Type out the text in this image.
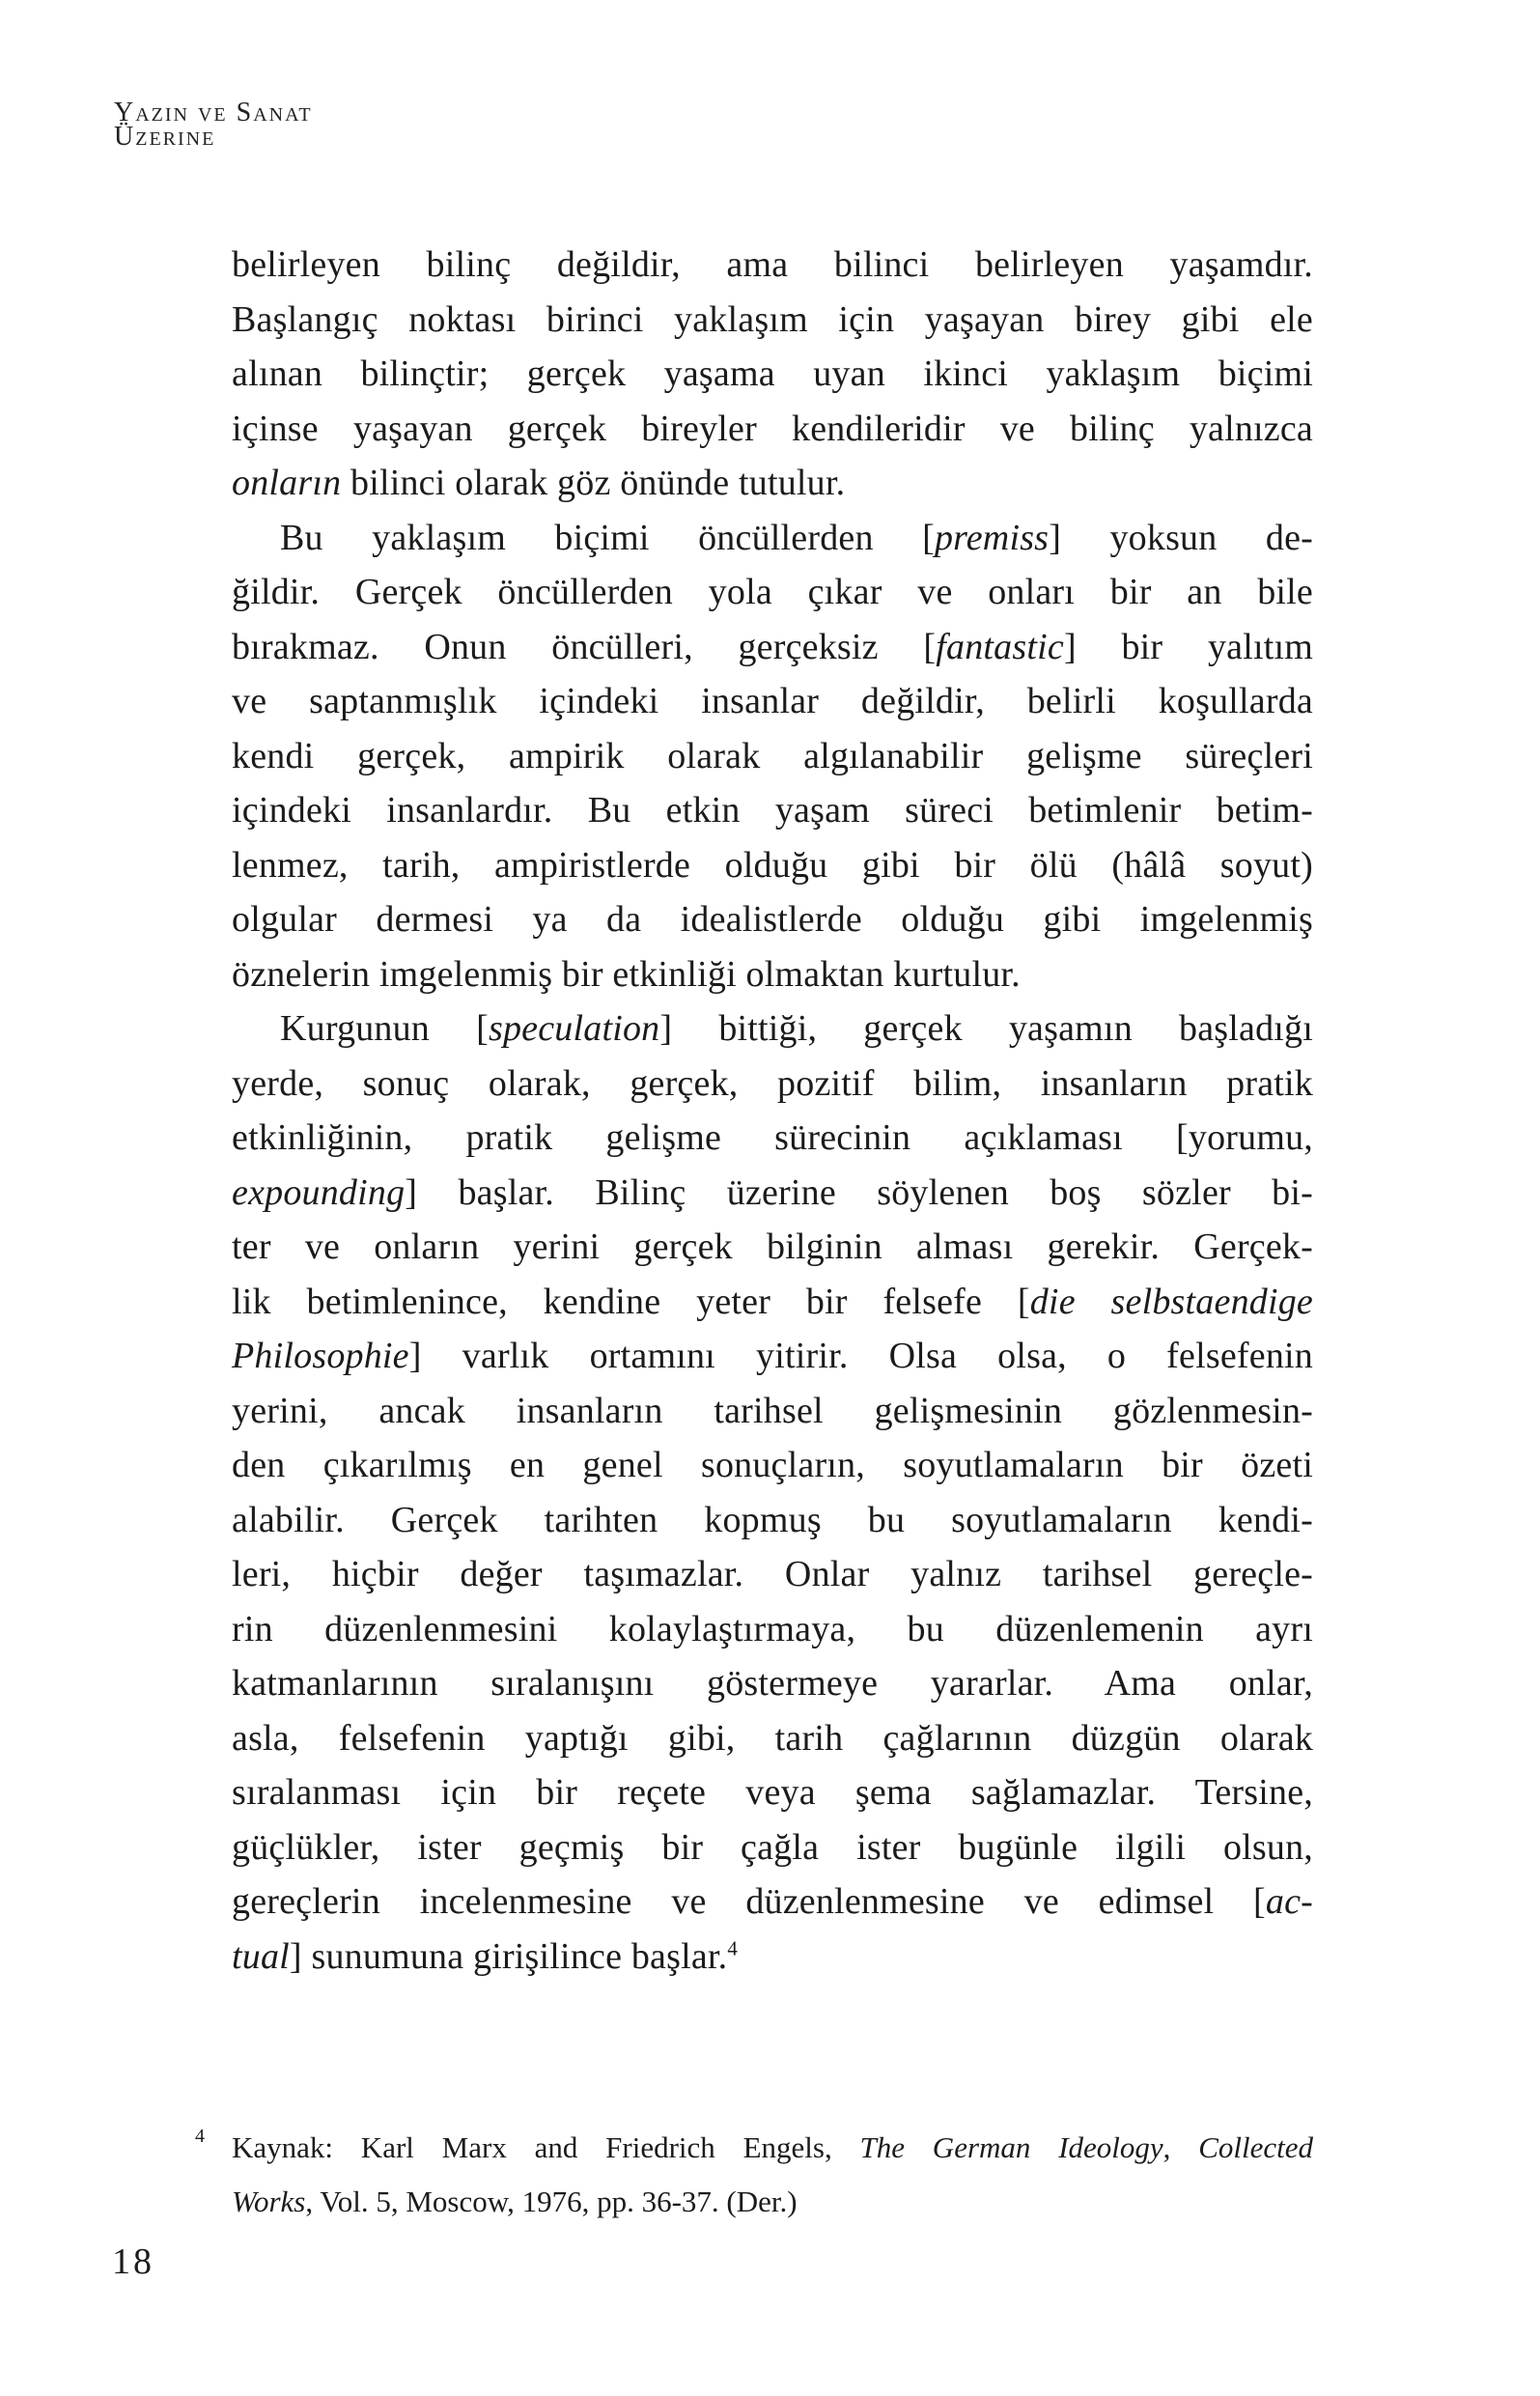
Yazın ve Sanat
Üzerine
belirleyen bilinç değildir, ama bilinci belirleyen yaşamdır.
Başlangıç noktası birinci yaklaşım için yaşayan birey gibi ele
alınan bilinçtir; gerçek yaşama uyan ikinci yaklaşım biçimi
içinse yaşayan gerçek bireyler kendileridir ve bilinç yalnızca
onların bilinci olarak göz önünde tutulur.
Bu yaklaşım biçimi öncüllerden [premiss] yoksun de-
ğildir. Gerçek öncüllerden yola çıkar ve onları bir an bile
bırakmaz. Onun öncülleri, gerçeksiz [fantastic] bir yalıtım
ve saptanmışlık içindeki insanlar değildir, belirli koşullarda
kendi gerçek, ampirik olarak algılanabilir gelişme süreçleri
içindeki insanlardır. Bu etkin yaşam süreci betimlenir betim-
lenmez, tarih, ampiristlerde olduğu gibi bir ölü (hâlâ soyut)
olgular dermesi ya da idealistlerde olduğu gibi imgelenmiş
öznelerin imgelenmiş bir etkinliği olmaktan kurtulur.
Kurgunun [speculation] bittiği, gerçek yaşamın başladığı
yerde, sonuç olarak, gerçek, pozitif bilim, insanların pratik
etkinliğinin, pratik gelişme sürecinin açıklaması [yorumu,
expounding] başlar. Bilinç üzerine söylenen boş sözler bi-
ter ve onların yerini gerçek bilginin alması gerekir. Gerçek-
lik betimlenince, kendine yeter bir felsefe [die selbstaendige
Philosophie] varlık ortamını yitirir. Olsa olsa, o felsefenin
yerini, ancak insanların tarihsel gelişmesinin gözlenmesin-
den çıkarılmış en genel sonuçların, soyutlamaların bir özeti
alabilir. Gerçek tarihten kopmuş bu soyutlamaların kendi-
leri, hiçbir değer taşımazlar. Onlar yalnız tarihsel gereçle-
rin düzenlenmesini kolaylaştırmaya, bu düzenlemenin ayrı
katmanlarının sıralanışını göstermeye yararlar. Ama onlar,
asla, felsefenin yaptığı gibi, tarih çağlarının düzgün olarak
sıralanması için bir reçete veya şema sağlamazlar. Tersine,
güçlükler, ister geçmiş bir çağla ister bugünle ilgili olsun,
gereçlerin incelenmesine ve düzenlenmesine ve edimsel [ac-
tual] sunumuna girişilince başlar.$^4$
4 Kaynak: Karl Marx and Friedrich Engels, The German Ideology, Collected
Works, Vol. 5, Moscow, 1976, pp. 36-37. (Der.)
18
